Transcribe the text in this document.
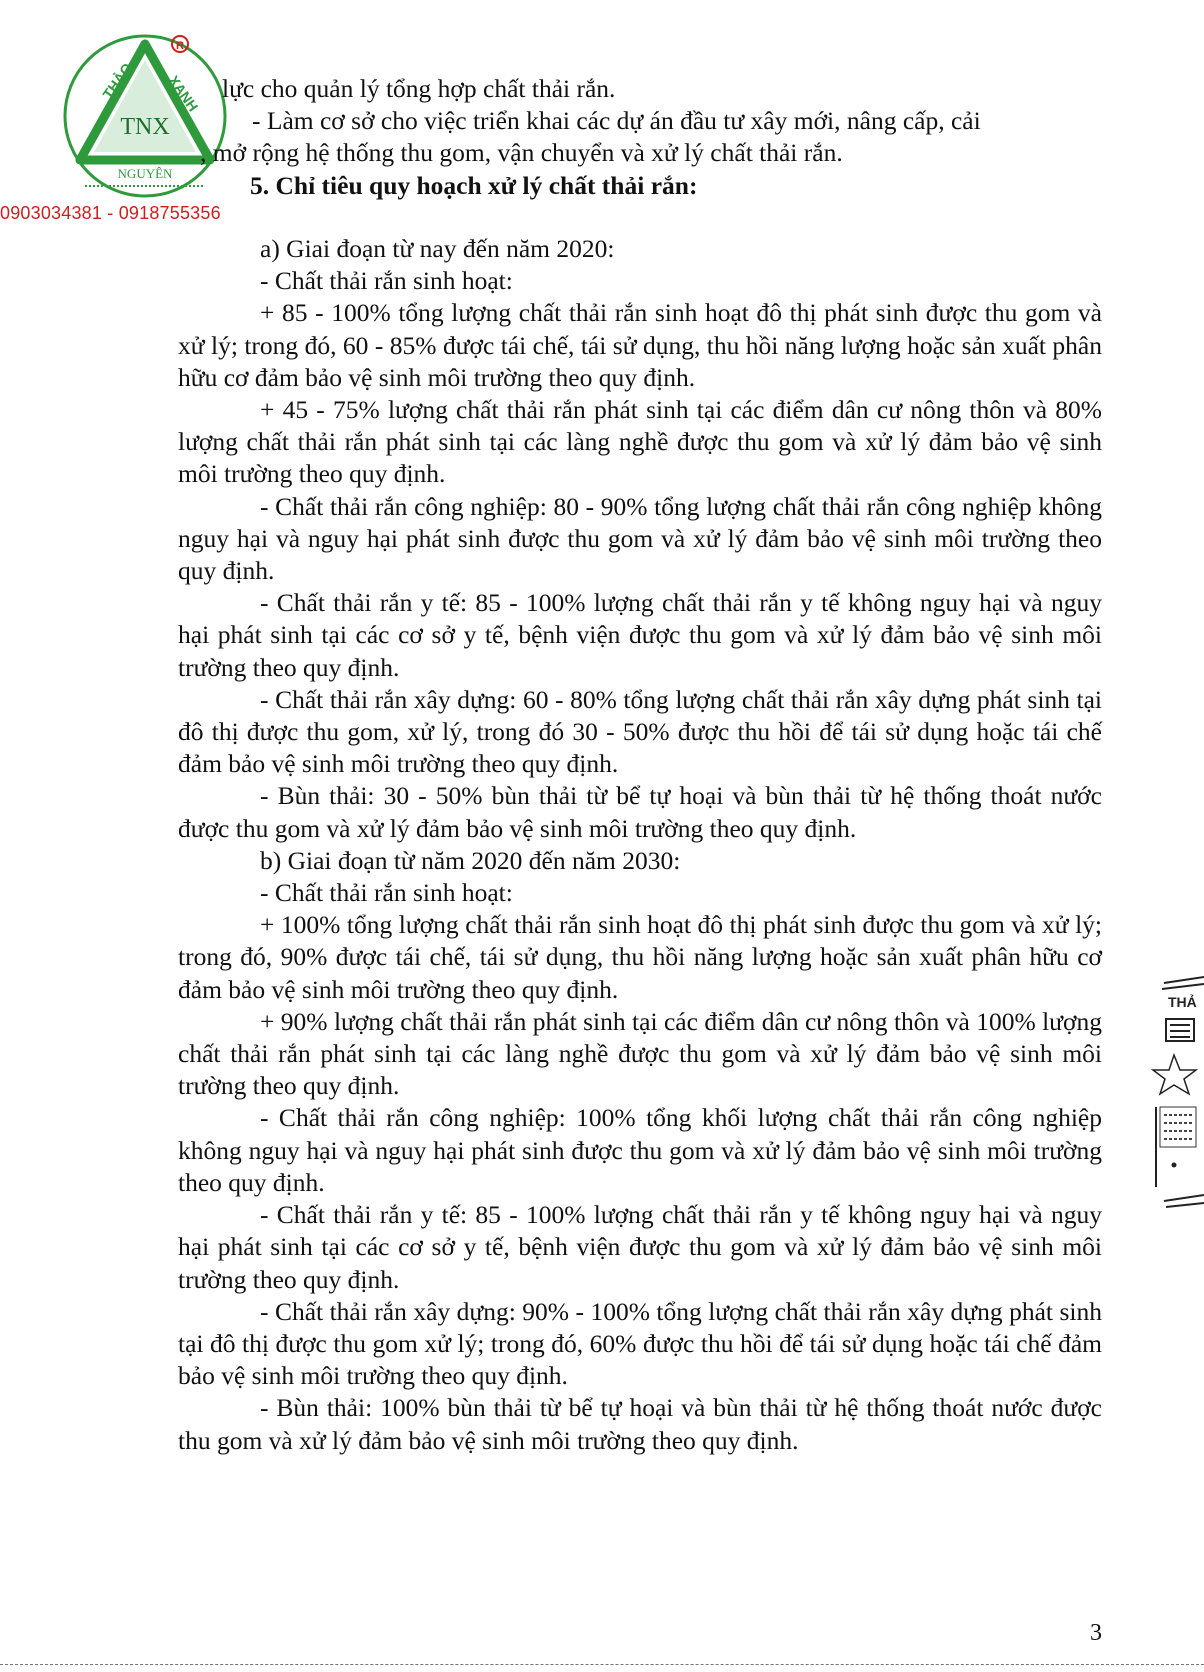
TNX
THẢO XANH
NGUYÊN
R
0903034381 - 0918755356

lực cho quản lý tổng hợp chất thải rắn.

- Làm cơ sở cho việc triển khai các dự án đầu tư xây mới, nâng cấp, cải

, mở rộng hệ thống thu gom, vận chuyển và xử lý chất thải rắn.

5. Chỉ tiêu quy hoạch xử lý chất thải rắn:

a) Giai đoạn từ nay đến năm 2020:

- Chất thải rắn sinh hoạt:

+ 85 - 100% tổng lượng chất thải rắn sinh hoạt đô thị phát sinh được thu gom và xử lý; trong đó, 60 - 85% được tái chế, tái sử dụng, thu hồi năng lượng hoặc sản xuất phân hữu cơ đảm bảo vệ sinh môi trường theo quy định.

+ 45 - 75% lượng chất thải rắn phát sinh tại các điểm dân cư nông thôn và 80% lượng chất thải rắn phát sinh tại các làng nghề được thu gom và xử lý đảm bảo vệ sinh môi trường theo quy định.

- Chất thải rắn công nghiệp: 80 - 90% tổng lượng chất thải rắn công nghiệp không nguy hại và nguy hại phát sinh được thu gom và xử lý đảm bảo vệ sinh môi trường theo quy định.

- Chất thải rắn y tế: 85 - 100% lượng chất thải rắn y tế không nguy hại và nguy hại phát sinh tại các cơ sở y tế, bệnh viện được thu gom và xử lý đảm bảo vệ sinh môi trường theo quy định.

- Chất thải rắn xây dựng: 60 - 80% tổng lượng chất thải rắn xây dựng phát sinh tại đô thị được thu gom, xử lý, trong đó 30 - 50% được thu hồi để tái sử dụng hoặc tái chế đảm bảo vệ sinh môi trường theo quy định.

- Bùn thải: 30 - 50% bùn thải từ bể tự hoại và bùn thải từ hệ thống thoát nước được thu gom và xử lý đảm bảo vệ sinh môi trường theo quy định.

b) Giai đoạn từ năm 2020 đến năm 2030:

- Chất thải rắn sinh hoạt:

+ 100% tổng lượng chất thải rắn sinh hoạt đô thị phát sinh được thu gom và xử lý; trong đó, 90% được tái chế, tái sử dụng, thu hồi năng lượng hoặc sản xuất phân hữu cơ đảm bảo vệ sinh môi trường theo quy định.

+ 90% lượng chất thải rắn phát sinh tại các điểm dân cư nông thôn và 100% lượng chất thải rắn phát sinh tại các làng nghề được thu gom và xử lý đảm bảo vệ sinh môi trường theo quy định.

- Chất thải rắn công nghiệp: 100% tổng khối lượng chất thải rắn công nghiệp không nguy hại và nguy hại phát sinh được thu gom và xử lý đảm bảo vệ sinh môi trường theo quy định.

- Chất thải rắn y tế: 85 - 100% lượng chất thải rắn y tế không nguy hại và nguy hại phát sinh tại các cơ sở y tế, bệnh viện được thu gom và xử lý đảm bảo vệ sinh môi trường theo quy định.

- Chất thải rắn xây dựng: 90% - 100% tổng lượng chất thải rắn xây dựng phát sinh tại đô thị được thu gom xử lý; trong đó, 60% được thu hồi để tái sử dụng hoặc tái chế đảm bảo vệ sinh môi trường theo quy định.

- Bùn thải: 100% bùn thải từ bể tự hoại và bùn thải từ hệ thống thoát nước được thu gom và xử lý đảm bảo vệ sinh môi trường theo quy định.

THẢ
3
